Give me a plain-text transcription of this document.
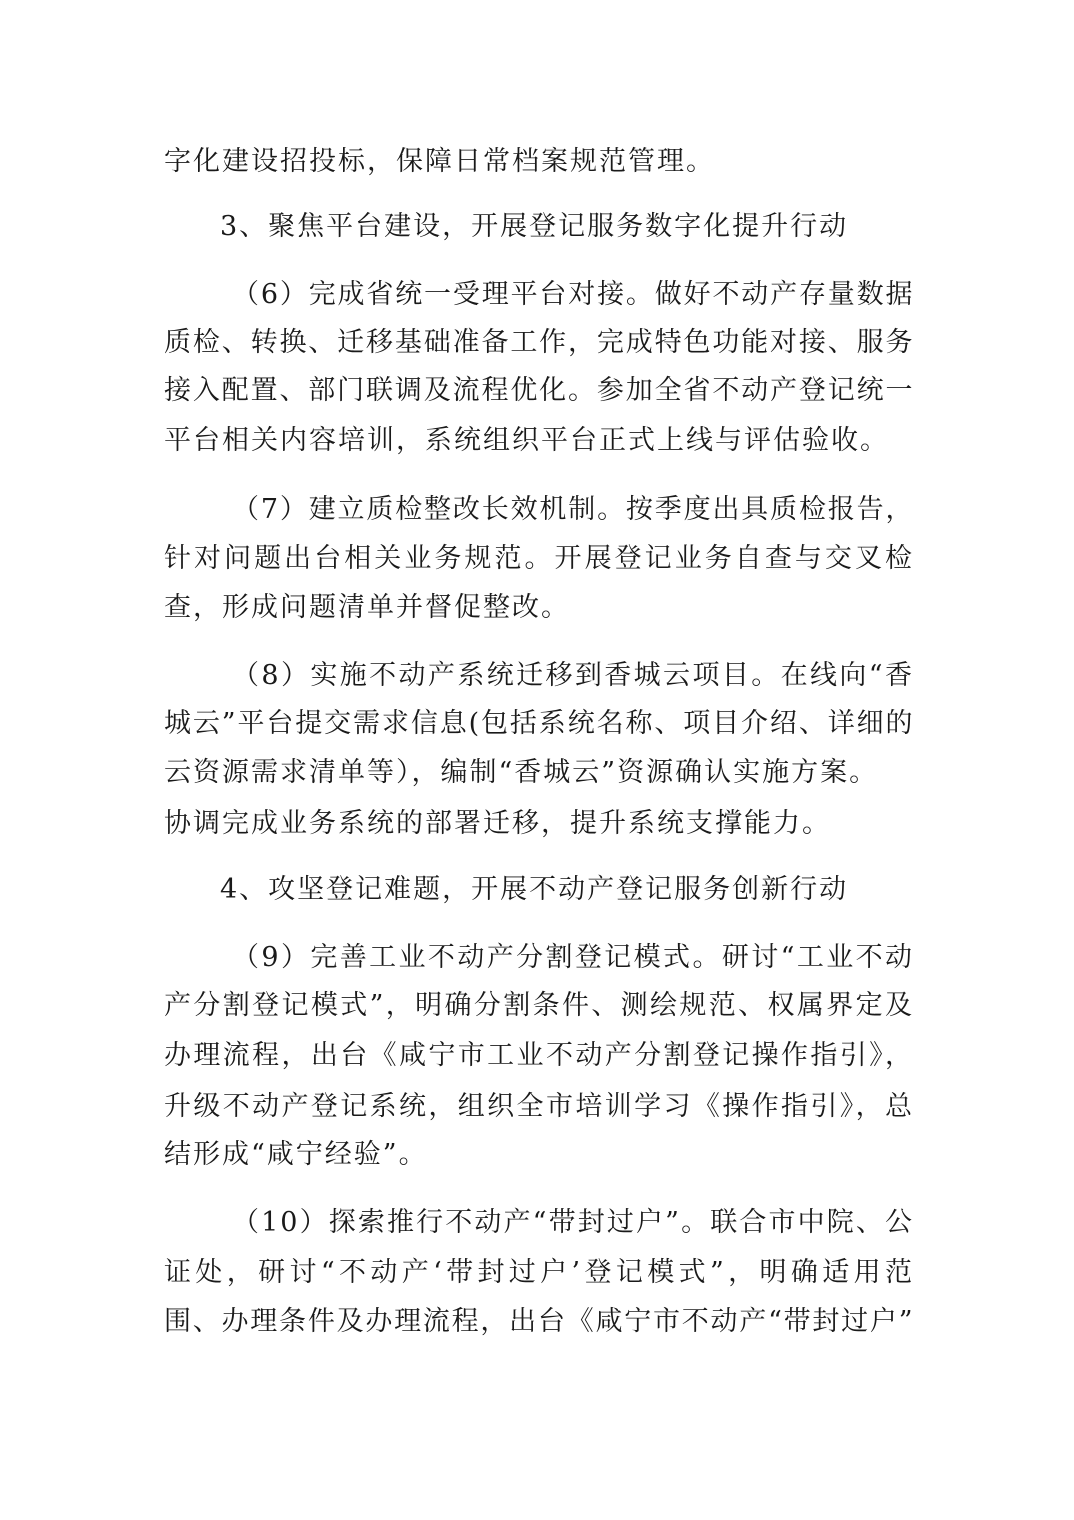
字化建设招投标，保障日常档案规范管理。
3、聚焦平台建设，开展登记服务数字化提升行动
（6）完成省统一受理平台对接。做好不动产存量数据
质检、转换、迁移基础准备工作，完成特色功能对接、服务
接入配置、部门联调及流程优化。参加全省不动产登记统一
平台相关内容培训，系统组织平台正式上线与评估验收。
（7）建立质检整改长效机制。按季度出具质检报告，
针对问题出台相关业务规范。开展登记业务自查与交叉检
查，形成问题清单并督促整改。
（8）实施不动产系统迁移到香城云项目。在线向“香
城云”平台提交需求信息(包括系统名称、项目介绍、详细的
云资源需求清单等），编制“香城云”资源确认实施方案。
协调完成业务系统的部署迁移，提升系统支撑能力。
4、攻坚登记难题，开展不动产登记服务创新行动
（9）完善工业不动产分割登记模式。研讨“工业不动
产分割登记模式”，明确分割条件、测绘规范、权属界定及
办理流程，出台《咸宁市工业不动产分割登记操作指引》，
升级不动产登记系统，组织全市培训学习《操作指引》，总
结形成“咸宁经验”。
（10）探索推行不动产“带封过户”。联合市中院、公
证处，研讨“不动产‘带封过户’登记模式”，明确适用范
围、办理条件及办理流程，出台《咸宁市不动产“带封过户”
